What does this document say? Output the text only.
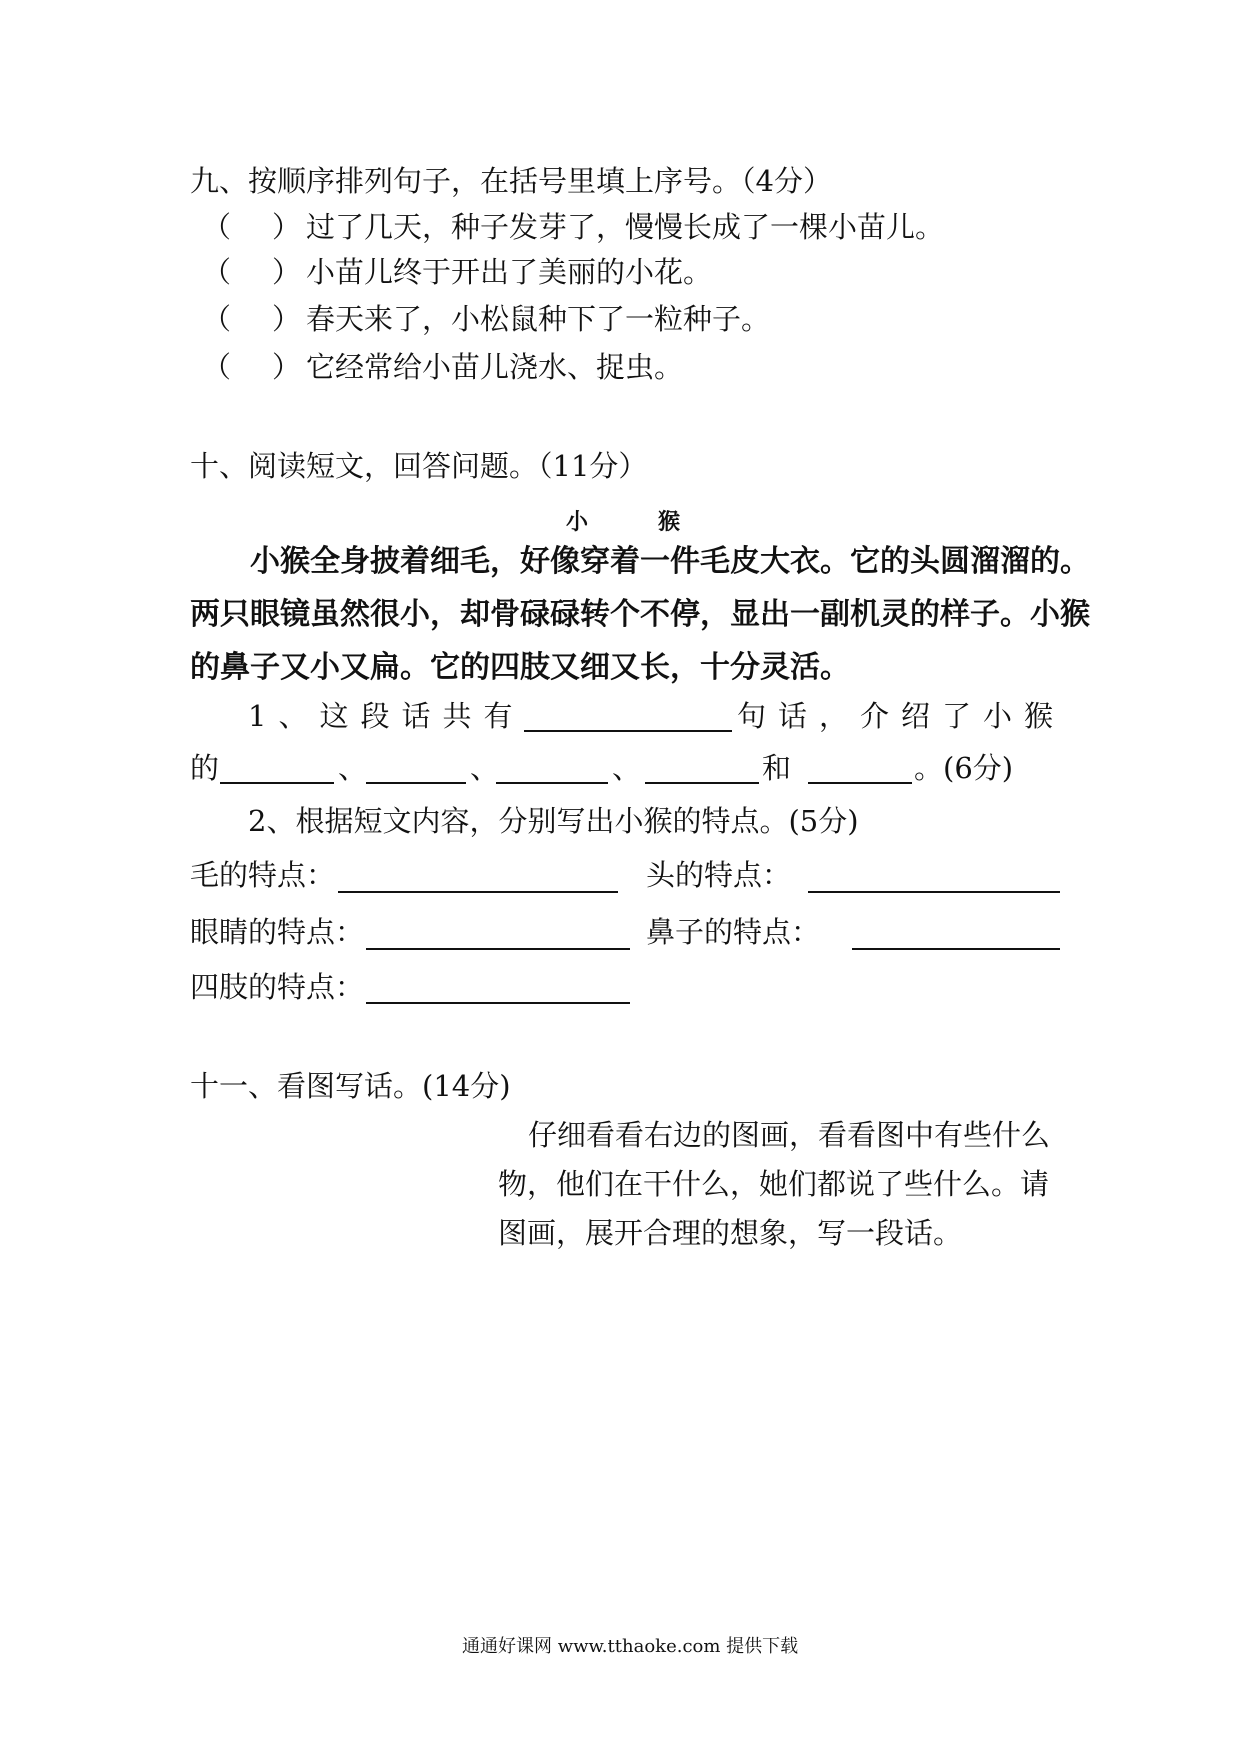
九、按顺序排列句子，在括号里填上序号。（4分）
（ ） 过了几天，种子发芽了，慢慢长成了一棵小苗儿。
（ ） 小苗儿终于开出了美丽的小花。
（ ） 春天来了，小松鼠种下了一粒种子。
（ ） 它经常给小苗儿浇水、捉虫。
十、阅读短文，回答问题。（11分）
小	猴
小猴全身披着细毛，好像穿着一件毛皮大衣。它的头圆溜溜的。
两只眼镜虽然很小，却骨碌碌转个不停，显出一副机灵的样子。小猴
的鼻子又小又扁。它的四肢又细又长，十分灵活。
1、这段话共有	句话，介绍了小猴
的	、	、	、	和	。(6分)
2、根据短文内容，分别写出小猴的特点。(5分)
毛的特点：	头的特点：
眼睛的特点：	鼻子的特点：
四肢的特点：
十一、看图写话。(14分)
仔细看看右边的图画，看看图中有些什么
物，他们在干什么，她们都说了些什么。请
图画，展开合理的想象，写一段话。
通通好课网 www.tthaoke.com 提供下载
